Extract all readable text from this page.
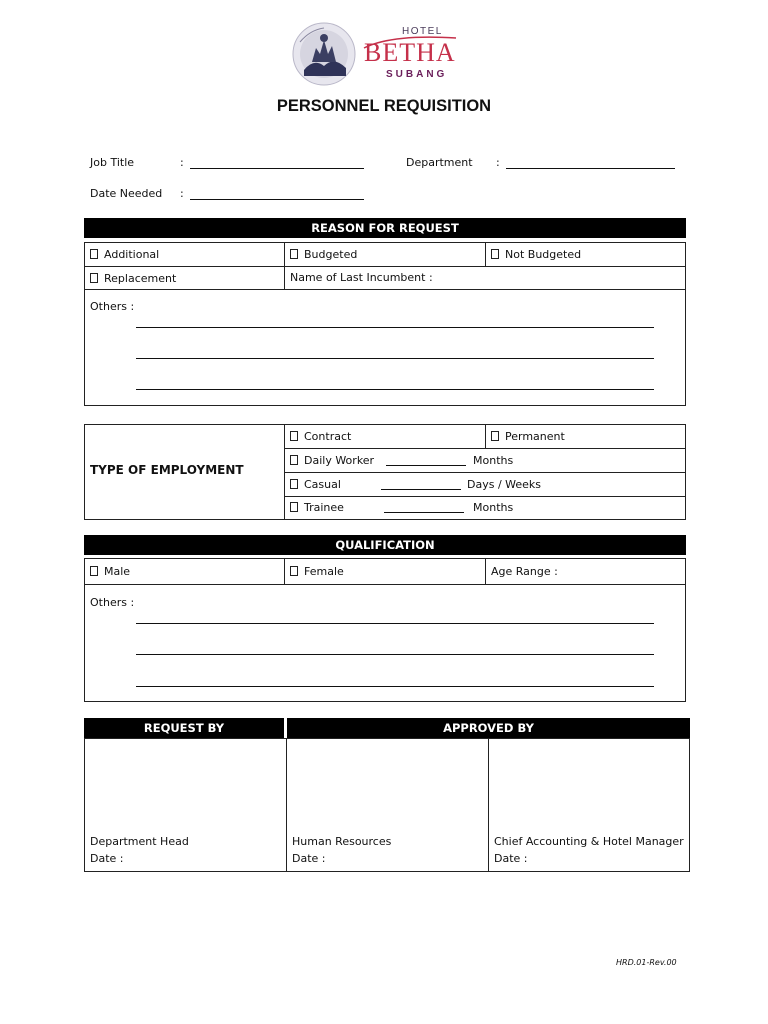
HOTEL
BETHA
SUBANG
PERSONNEL REQUISITION
Job Title	:	Department :
Date Needed :
REASON FOR REQUEST
Additional	Budgeted	Not Budgeted
Replacement	Name of Last Incumbent :
Others :
TYPE OF EMPLOYMENT
Contract	Permanent
Daily Worker	Months
Casual	Days / Weeks
Trainee	Months
QUALIFICATION
Male	Female	Age Range :
Others :
REQUEST BY	APPROVED BY
Department Head
Date :
Human Resources
Date :
Chief Accounting & Hotel Manager
Date :
HRD.01-Rev.00
